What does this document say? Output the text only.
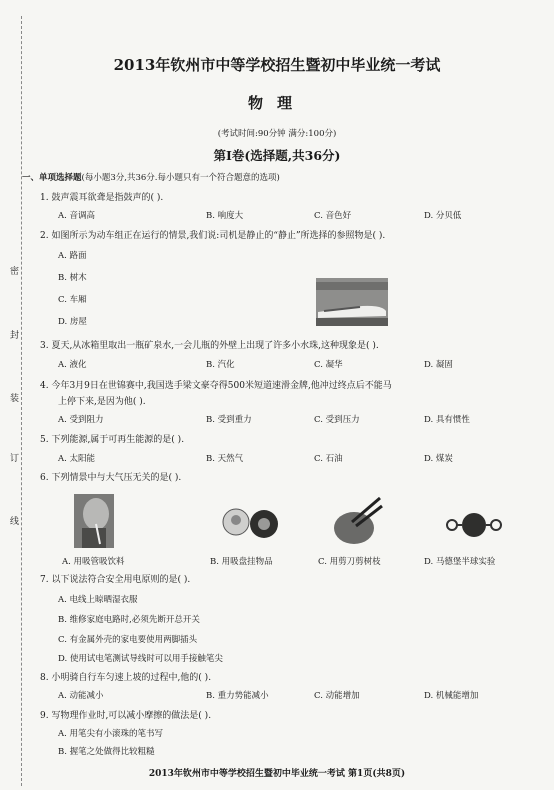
密
封
装
订
线
2013年钦州市中等学校招生暨初中毕业统一考试
物理
(考试时间:90分钟 满分:100分)
第Ⅰ卷(选择题,共36分)
一、单项选择题(每小题3分,共36分.每小题只有一个符合题意的选项)
1. 鼓声震耳欲聋是指鼓声的( ).
A. 音调高	B. 响度大	C. 音色好	D. 分贝低
2. 如图所示为动车组正在运行的情景,我们说:司机是静止的“静止”所选择的参照物是( ).
A. 路面
B. 树木
C. 车厢
D. 房屋
3. 夏天,从冰箱里取出一瓶矿泉水,一会儿瓶的外壁上出现了许多小水珠,这种现象是( ).
A. 液化	B. 汽化	C. 凝华	D. 凝固
4. 今年3月9日在世锦赛中,我国选手梁文豪夺得500米短道速滑金牌,他冲过终点后不能马
上停下来,是因为他( ).
A. 受到阻力	B. 受到重力	C. 受到压力	D. 具有惯性
5. 下列能源,属于可再生能源的是( ).
A. 太阳能	B. 天然气	C. 石油	D. 煤炭
6. 下列情景中与大气压无关的是( ).
A. 用吸管吸饮料	B. 用吸盘挂物品	C. 用剪刀剪树枝	D. 马德堡半球实验
7. 以下说法符合安全用电原则的是( ).
A. 电线上晾晒湿衣服
B. 维修家庭电路时,必须先断开总开关
C. 有金属外壳的家电要使用两脚插头
D. 使用试电笔测试导线时可以用手接触笔尖
8. 小明骑自行车匀速上坡的过程中,他的( ).
A. 动能减小	B. 重力势能减小	C. 动能增加	D. 机械能增加
9. 写物理作业时,可以减小摩擦的做法是( ).
A. 用笔尖有小滚珠的笔书写
B. 握笔之处做得比较粗糙
2013年钦州市中等学校招生暨初中毕业统一考试 第1页(共8页)
